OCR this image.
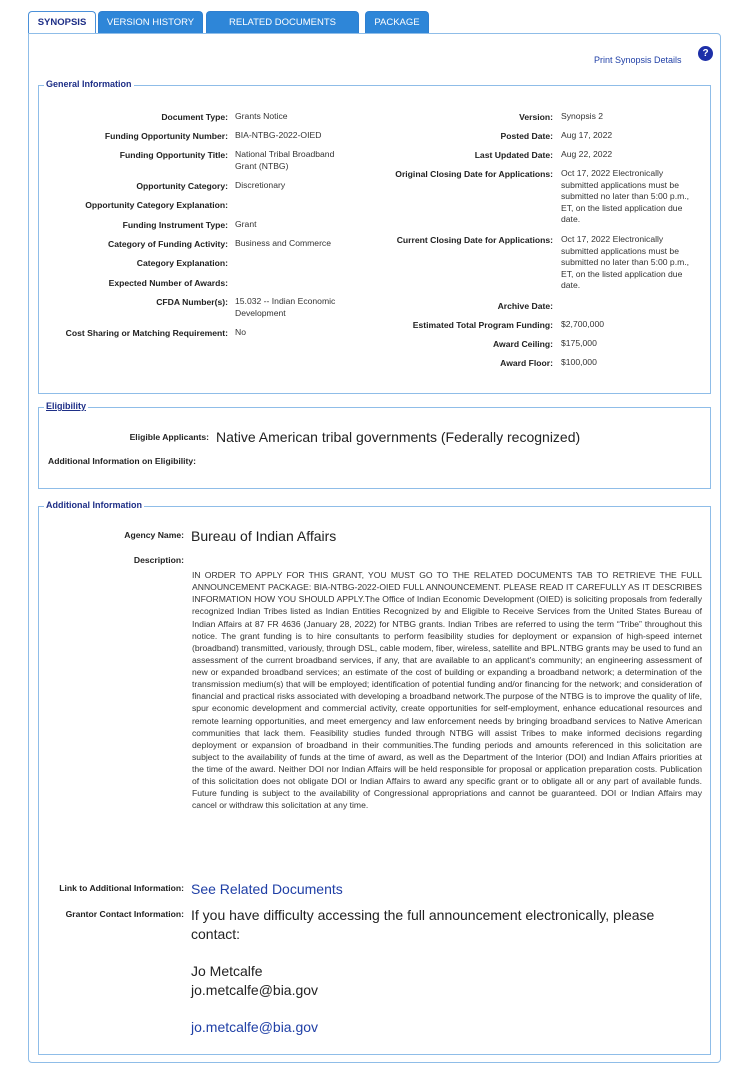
SYNOPSIS	VERSION HISTORY	RELATED DOCUMENTS	PACKAGE
Print Synopsis Details
?
General Information
Document Type: Grants Notice
Funding Opportunity Number: BIA-NTBG-2022-OIED
Funding Opportunity Title: National Tribal Broadband Grant (NTBG)
Opportunity Category: Discretionary
Opportunity Category Explanation:
Funding Instrument Type: Grant
Category of Funding Activity: Business and Commerce
Category Explanation:
Expected Number of Awards:
CFDA Number(s): 15.032 -- Indian Economic Development
Cost Sharing or Matching Requirement: No
Version: Synopsis 2
Posted Date: Aug 17, 2022
Last Updated Date: Aug 22, 2022
Original Closing Date for Applications: Oct 17, 2022 Electronically submitted applications must be submitted no later than 5:00 p.m., ET, on the listed application due date.
Current Closing Date for Applications: Oct 17, 2022 Electronically submitted applications must be submitted no later than 5:00 p.m., ET, on the listed application due date.
Archive Date:
Estimated Total Program Funding: $2,700,000
Award Ceiling: $175,000
Award Floor: $100,000
Eligibility
Eligible Applicants: Native American tribal governments (Federally recognized)
Additional Information on Eligibility:
Additional Information
Agency Name: Bureau of Indian Affairs
Description:
IN ORDER TO APPLY FOR THIS GRANT, YOU MUST GO TO THE RELATED DOCUMENTS TAB TO RETRIEVE THE FULL ANNOUNCEMENT PACKAGE: BIA-NTBG-2022-OIED FULL ANNOUNCEMENT. PLEASE READ IT CAREFULLY AS IT DESCRIBES INFORMATION HOW YOU SHOULD APPLY.The Office of Indian Economic Development (OIED) is soliciting proposals from federally recognized Indian Tribes listed as Indian Entities Recognized by and Eligible to Receive Services from the United States Bureau of Indian Affairs at 87 FR 4636 (January 28, 2022) for NTBG grants. Indian Tribes are referred to using the term “Tribe” throughout this notice. The grant funding is to hire consultants to perform feasibility studies for deployment or expansion of high-speed internet (broadband) transmitted, variously, through DSL, cable modem, fiber, wireless, satellite and BPL.NTBG grants may be used to fund an assessment of the current broadband services, if any, that are available to an applicant's community; an engineering assessment of new or expanded broadband services; an estimate of the cost of building or expanding a broadband network; a determination of the transmission medium(s) that will be employed; identification of potential funding and/or financing for the network; and consideration of financial and practical risks associated with developing a broadband network.The purpose of the NTBG is to improve the quality of life, spur economic development and commercial activity, create opportunities for self-employment, enhance educational resources and remote learning opportunities, and meet emergency and law enforcement needs by bringing broadband services to Native American communities that lack them. Feasibility studies funded through NTBG will assist Tribes to make informed decisions regarding deployment or expansion of broadband in their communities.The funding periods and amounts referenced in this solicitation are subject to the availability of funds at the time of award, as well as the Department of the Interior (DOI) and Indian Affairs priorities at the time of the award. Neither DOI nor Indian Affairs will be held responsible for proposal or application preparation costs. Publication of this solicitation does not obligate DOI or Indian Affairs to award any specific grant or to obligate all or any part of available funds. Future funding is subject to the availability of Congressional appropriations and cannot be guaranteed. DOI or Indian Affairs may cancel or withdraw this solicitation at any time.
Link to Additional Information: See Related Documents
Grantor Contact Information: If you have difficulty accessing the full announcement electronically, please contact:
Jo Metcalfe
jo.metcalfe@bia.gov
jo.metcalfe@bia.gov
